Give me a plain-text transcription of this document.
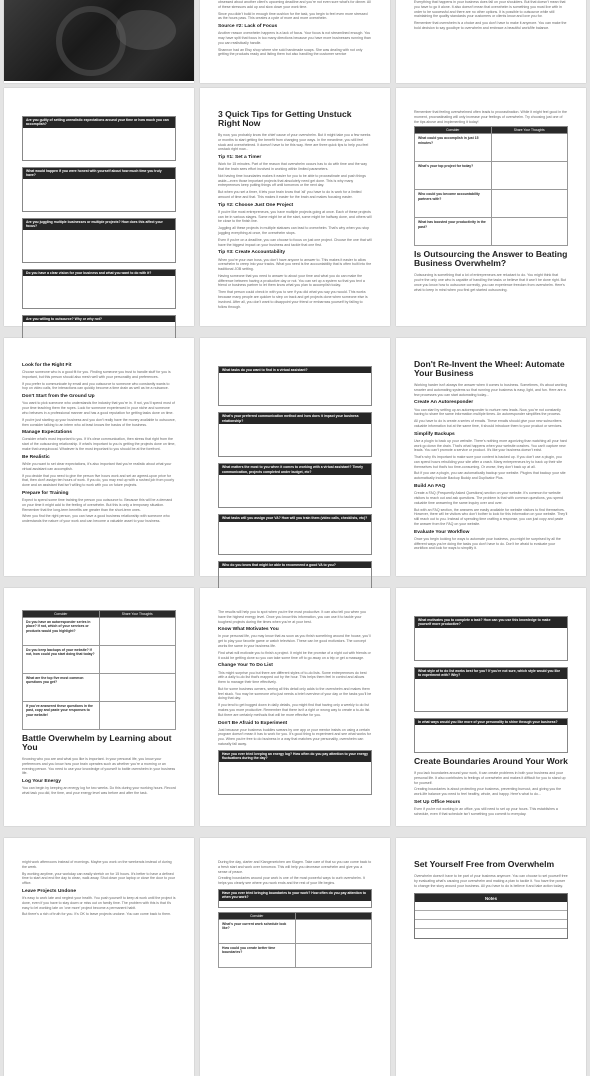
obsessed about another client's upcoming deadline and you're not even sure what's for dinner. All of these stressors add up and slow down your work time.

Since you didn't build in enough time cushion for the task, you begin to feel even more stressed as the hours pass. This creates a cycle of more and more overwhelm.

Source #2: Lack of Focus

Another reason overwhelm happens is a lack of focus. Your focus is not streamlined enough. You may have split that focus in too many directions because you have more businesses running than you can realistically handle.

Shannon had an Etsy shop where she sold handmade soaps. She was dealing with not only getting the products ready and listing them but also handling the customer service

Everything that happens in your business does fall on your shoulders. But that doesn't mean that you have to go it alone. It also doesn't mean that overwhelm is something you must live with in order to be successful and there are no other options. It is possible to outsource while still maintaining the quality standards your customers or clients know and love you for.

Remember that overwhelm is a choice and you don't have to make it anymore. You can make the bold decision to say goodbye to overwhelm and embrace a beautiful work/life balance.

Are you guilty of setting unrealistic expectations around your time or how much you can accomplish?
What would happen if you were honest with yourself about how much time you truly have?
Are you juggling multiple businesses or multiple projects? How does this affect your focus?
Do you have a clear vision for your business and what you want to do with it?
Are you willing to outsource? Why or why not?
3 Quick Tips for Getting Unstuck Right Now

By now, you probably know the chief cause of your overwhelm. But it might take you a few weeks or months to start getting the benefit from changing your ways. In the meantime, you still feel stuck and overwhelmed. It doesn't have to be this way. Here are three quick tips to help you feel unstuck right now...

Tip #1: Set a Timer

Work for 15 minutes. Part of the reason that overwhelm occurs has to do with time and the way that the brain sees effort involved in working within limited parameters.

Not having time boundaries makes it easier for you to be able to procrastinate and push things aside—even those important projects that absolutely need get done. This is why many entrepreneurs keep putting things off until tomorrow or the next day.

But when you set a timer, it lets your brain know that 'all' you have to do is work for a limited amount of time and that. This makes it easier for the brain and makes focusing easier.

Tip #2: Choose Just One Project

If you're like most entrepreneurs, you have multiple projects going at once. Each of these projects can be in various stages. Some might be at the start, some might be halfway done, and others will be close to the finish line.

Juggling all these projects in multiple statuses can lead to overwhelm. That's why when you stop juggling everything at once, the overwhelm stops.

Even if you're on a deadline, you can choose to focus on just one project. Choose the one that will have the biggest impact on your business and tackle that one first.

Tip #3: Create Accountability

When you're your own boss, you don't have anyone to answer to. This makes it easier to allow overwhelm to creep into your tracks. What you need is the accountability that is often built into the traditional JOB setting.

Having someone that you need to answer to about your time and what you do can make the difference between having a productive day or not. You can set up a system so that you text a friend or business partner to let them know what you plan to accomplish today.

Then that person could check in with you to see if you did what you say you would. This works because many people are quicker to step on track and get projects done when someone else is involved. After all, you don't want to disappoint your friend or embarrass yourself by failing to follow through.

Remember that feeling overwhelmed often leads to procrastination. While it might feel good in the moment, procrastinating will only increase your feelings of overwhelm. Try choosing just one of the tips above and implementing it today!

Consider	Share Your Thoughts
What could you accomplish in just 15 minutes?	
What's your top project for today?	
Who could you become accountability partners with?	
What has boosted your productivity in the past?	
Is Outsourcing the Answer to Beating Business Overwhelm?

Outsourcing is something that a lot of entrepreneurs are reluctant to do. You might think that you're the only one who is capable of handling the tasks or believe that it won't be done right. But once you know how to outsource correctly, you can experience freedom from overwhelm. Here's what to keep in mind when you first get started outsourcing.

Look for the Right Fit

Choose someone who is a good fit for you. Finding someone you trust to handle stuff for you is important, but this person should also mesh well with your personality and preferences.

If you prefer to communicate by email and you outsource to someone who constantly wants to hop on video calls, the interactions can quickly become a time drain as well as be a nuisance.

Don't Start from the Ground Up

You want to pick someone who understands the industry that you're in. If not, you'll spend most of your time teaching them the ropes. Look for someone experienced in your niche and someone who behaves in a professional manner and has a good reputation for getting tasks done on time.

If you're just starting up your business and you don't really have the money available to outsource, then consider talking to an intern who at least knows the basics of the business.

Manage Expectations

Consider what's most important to you. If it's clear communication, then stress that right from the start of the outsourcing relationship. If what's important to you is getting the projects done on time, make that unequivocal. Whatever is the most important to you should be at the forefront.

Be Realistic

While you want to set clear expectations, it's also important that you're realistic about what your virtual assistant can accomplish.

If you decide that you need to give the person five hours work and set an agreed-upon price for that, then don't assign ten hours of work. If you do, you may end up with a rushed job from poorly done and an assistant that isn't willing to work with you on future projects.

Prepare for Training

Expect to spend some time training the person you outsource to. Because this will be a demand on your time it might add to the feeling of overwhelm. But this is only a temporary situation. Remember that the long-term benefits are greater than the short-term ones.

When you find the right person, you can have a good business relationship with someone who understands the nature of your work and can become a valuable asset to your business.

What tasks do you want to find in a virtual assistant?
What's your preferred communication method and how does it impact your business relationship?
What matters the most to you when it comes to working with a virtual assistant? Timely communication, projects completed under budget, etc?
What tasks will you assign your VA? How will you train them (video calls, checklists, etc)?
Who do you know that might be able to recommend a good VA to you?
Don't Re-Invent the Wheel: Automate Your Business

Working harder isn't always the answer when it comes to business. Sometimes, it's about working smarter and automating systems so that running your business is easy, light, and fun. Here are a few processes you can start automating today...

Create An Autoresponder

You can start by setting up an autoresponder to nurture new leads. Now, you're not constantly having to share the same information multiple times. An autoresponder simplifies the process.

All you have to do is create a series of emails. These emails should give your new subscribers valuable information but at the same time, it should introduce them to your product or services.

Simplify Backups

Use a plugin to back up your website. There's nothing more agonizing than watching all your hard work go down the drain. That's what happens when your website crashes. You can't capture new leads. You can't promote a service or product. It's like your business doesn't exist.

That's why it's important to make sure your content is backed up. If you don't use a plugin, you can spend hours rebuilding your site after a crash. Many entrepreneurs try to back up their site themselves but that's too time-consuming. Or worse, they don't back up at all.

But if you use a plugin, you can automatically backup your website. Plugins that backup your site automatically include Backup Buddy and Duplicator Plus.

Build An FAQ

Create a FAQ (Frequently Asked Questions) section on your website. It's common for website visitors to reach out and ask questions. The problem is that with common questions, you spend valuable time answering the same inquiry over and over.

But with an FAQ section, the answers are easily available for website visitors to find themselves. However, there will be visitors who don't bother to look for this information on your website. They'll still reach out to you. Instead of spending time crafting a response, you can just copy and paste the answer from the FAQ on your website.

Evaluate Your Workflow

Once you begin looking for ways to automate your business, you might be surprised by all the different ways you're doing the tasks you don't have to do. Don't be afraid to evaluate your workflow and look for ways to simplify it.

Consider	Share Your Thoughts
Do you have an autoresponder series in place? If not, which of your services or products would you highlight?	
Do you keep backups of your website? If not, how could you start doing that today?	
What are the top five most common questions you get?	
If you've answered these questions in the past, copy and paste your responses to your website!	
Battle Overwhelm by Learning about You

Knowing who you are and what you like is important. In your personal life, you know your preferences and you know how your brain operates such as whether you're a morning or an evening person. You need to use your knowledge of yourself to battle overwhelm in your business life.

Log Your Energy

You can begin by keeping an energy log for two weeks. Do this during your working hours. Record what task you did, the time, and your energy level was before and after the task.

The results will help you to spot when you're the most productive. It can also tell you when you have the highest energy level. Once you know this information, you can use it to tackle your toughest projects during the times when you're at your best.

Know What Motivates You

In your personal life, you may know that as soon as you finish something around the house, you'll get to play your favorite game or watch television. These can be good motivators. The concept works the same in your business life.

Find what will motivate you to finish a project. It might be the promise of a night out with friends or it could be getting done so you can take some time off to go away on a trip or get a massage.

Change Your To Do List

This might surprise you but there are different styles of to-do lists. Some entrepreneurs do best with a daily to-do list that's mapped out by the hour. This helps them feel in control and allows them to manage their time effectively.

But for some business owners, seeing all this detail only adds to the overwhelm and makes them feel stuck. You may be someone who just needs a brief overview of your day or the tasks you'll be doing that day.

If you tend to get bogged down in daily details, you might find that having only a weekly to do list makes you more productive. Remember that there isn't a right or wrong way to create a to-do list. But there are certainly methods that will be more effective for you.

Don't Be Afraid to Experiment

Just because your business buddies swears by one app or your mentor insists on using a certain program doesn't mean it has to work for you. It's good thing to experiment and see what works for you. When you're free to do business in a way that matches your personality, overwhelm can naturally fall away.

Have you ever tried keeping an energy log? How often do you pay attention to your energy fluctuations during the day?
What motivates you to complete a task? How can you use this knowledge to make yourself more productive?
What style of to do list works best for you? If you're not sure, which style would you like to experiment with? Why?
In what ways would you like more of your personality to shine through your business?
Create Boundaries Around Your Work

If you lack boundaries around your work, it can create problems in both your business and your personal life. It also contributes to feelings of overwhelm and makes it difficult for you to stand up for yourself.

Creating boundaries is about protecting your business, preventing burnout, and giving you the work-life balance you need to feel healthy, whole, and happy. Here's what to do...

Set Up Office Hours

Even if you're not working in an office, you still need to set up your hours. This establishes a schedule, even if that schedule isn't something you commit to everyday.

might work afternoons instead of mornings. Maybe you work on the weekends instead of during the week.

By working anytime, your workday can easily stretch on for 15 hours. It's better to have a defined time to start and end the day to clean, walk away. Shut down your laptop or close the door to your office.

Leave Projects Undone

It's easy to work late and neglect your health. You push yourself to keep at work until the project is done, even if you have to stay down or miss out on family time. The problem with this is that it's easy to let working late on 'one more' project become a permanent habit.

But there's a rich of truth for you. It's OK to leave projects undone. You can come back to them.

During the day, clarter and Klangerzeichen am Klagen. Take care of that so you can come back to a fresh start and work over tomorrow. This will help you decrease overwhelm and give you a sense of peace.

Creating boundaries around your work is one of the most powerful ways to curb overwhelm. It helps you clearly see where you work ends and the rest of your life begins.

Have you ever tried bringing boundaries to your work? How often do you pay attention to when you work?
Consider	
What's your current work schedule look like?	
How could you create better time boundaries?	
Set Yourself Free from Overwhelm

Overwhelm doesn't have to be part of your business anymore. You can choose to set yourself free by evaluating what's causing your overwhelm and making a plan to tackle it. You have the power to change the story around your business. All you have to do is believe it and take action today.

Notes
